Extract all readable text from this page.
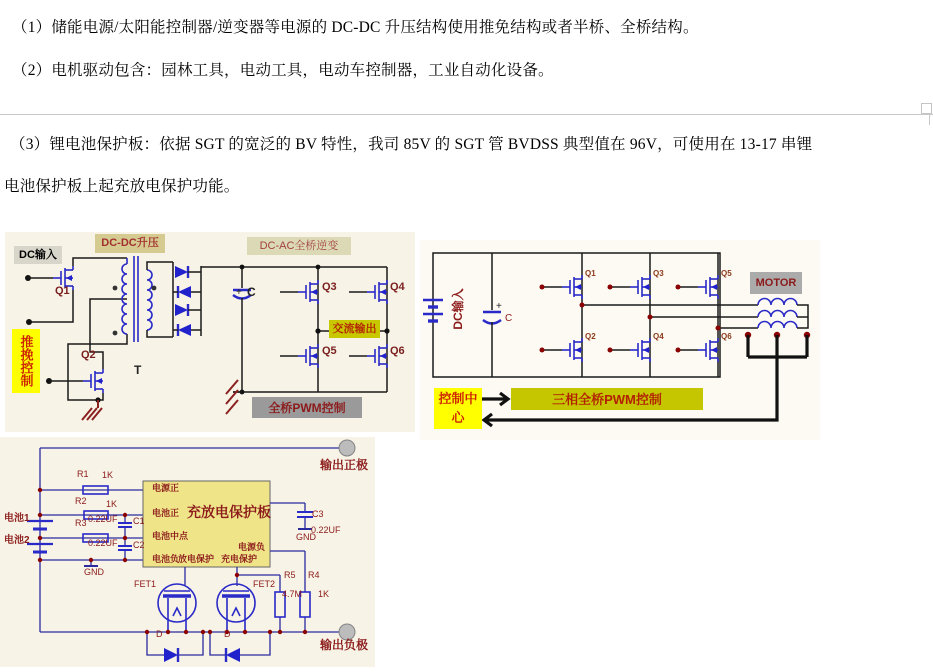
（1）储能电源/太阳能控制器/逆变器等电源的 DC-DC 升压结构使用推免结构或者半桥、全桥结构。
（2）电机驱动包含：园林工具，电动工具，电动车控制器，工业自动化设备。
（3）锂电池保护板：依据 SGT 的宽泛的 BV 特性，我司 85V 的 SGT 管 BVDSS 典型值在 96V，可使用在 13-17 串锂
电池保护板上起充放电保护功能。
DC输入
DC-DC升压	DC-AC全桥逆变
推挽控制
交流输出
全桥PWM控制
Q1
Q2
Q3	Q4
Q5	Q6
T
+ C	DC输入	+
C
Q1
Q2
Q3
Q4
Q5
Q6
MOTOR
控制中心
三相全桥PWM控制
输出正极
输出负极
电池1
电池2
R1 1K
R2 1K
R3 0.22UF C1
0.22UF C2
GND
充放电保护板
电源正
电池正
电池中点
电池负
放电保护 充电保护
电源负
C3
0.22UF
GND
R5
4.7M
R4
1K
FET1	FET2
D	D
